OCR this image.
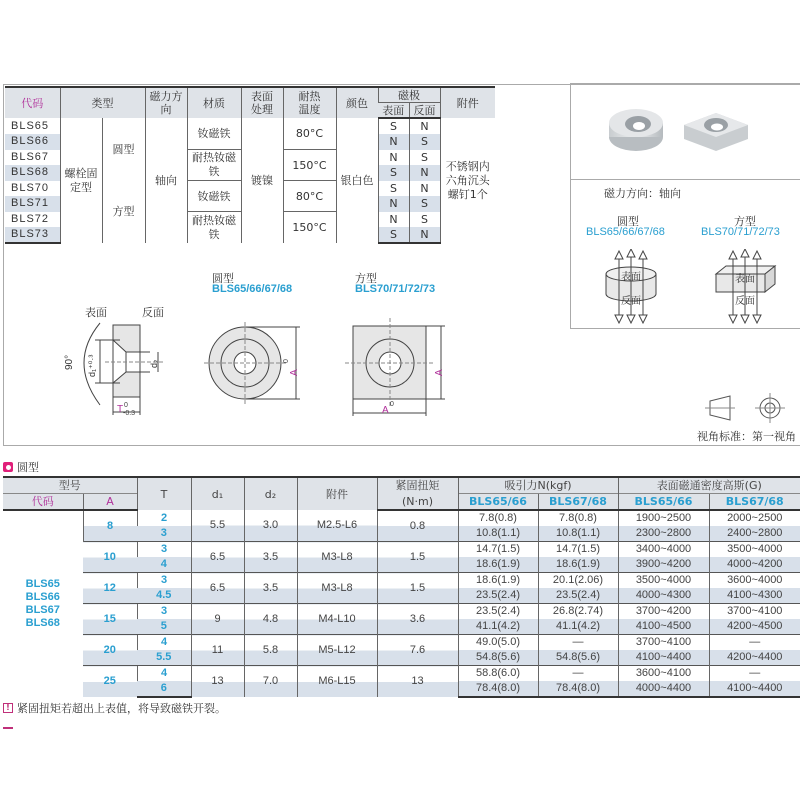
代码	类型		磁力方向	材质	表面处理	耐热温度	颜色	磁极		附件
								表面	反面	
BLS65	螺栓固定型	圆型	轴向	钕磁铁	镀镍	80°C	银白色	S	N	不锈钢内六角沉头螺钉1个
BLS66								N	S	
BLS67				耐热钕磁铁		150°C		N	S	
BLS68								S	N	
BLS70		方型		钕磁铁		80°C		S	N	
BLS71								N	S	
BLS72				耐热钕磁铁		150°C		N	S	
BLS73								S	N	
磁力方向：轴向
圆型
BLS65/66/67/68
方型
BLS70/71/72/73
表面
反面
表面
反面
表面	反面
90° d₁⁺⁰·³	d₂
T 0
-0.3
圆型
BLS65/66/67/68
A
0
方型
BLS70/71/72/73
A
A
0
视角标准：第一视角
圆型
型号		T	d₁	d₂	附件	紧固扭矩	吸引力N(kgf)		表面磁通密度高斯(G)	
代码	A					(N·m)	BLS65/66	BLS67/68	BLS65/66	BLS67/68
BLS65
BLS66
BLS67
BLS68	8	2	5.5	3.0	M2.5-L6	0.8	7.8(0.8)	7.8(0.8)	1900~2500	2000~2500
		3					10.8(1.1)	10.8(1.1)	2300~2800	2400~2800
	10	3	6.5	3.5	M3-L8	1.5	14.7(1.5)	14.7(1.5)	3400~4000	3500~4000
		4					18.6(1.9)	18.6(1.9)	3900~4200	4000~4200
	12	3	6.5	3.5	M3-L8	1.5	18.6(1.9)	20.1(2.06)	3500~4000	3600~4000
		4.5					23.5(2.4)	23.5(2.4)	4000~4300	4100~4300
	15	3	9	4.8	M4-L10	3.6	23.5(2.4)	26.8(2.74)	3700~4200	3700~4100
		5					41.1(4.2)	41.1(4.2)	4100~4500	4200~4500
	20	4	11	5.8	M5-L12	7.6	49.0(5.0)	—	3700~4100	—
		5.5					54.8(5.6)	54.8(5.6)	4100~4400	4200~4400
	25	4	13	7.0	M6-L15	13	58.8(6.0)	—	3600~4100	—
		6					78.4(8.0)	78.4(8.0)	4000~4400	4100~4400
! 紧固扭矩若超出上表值，将导致磁铁开裂。
